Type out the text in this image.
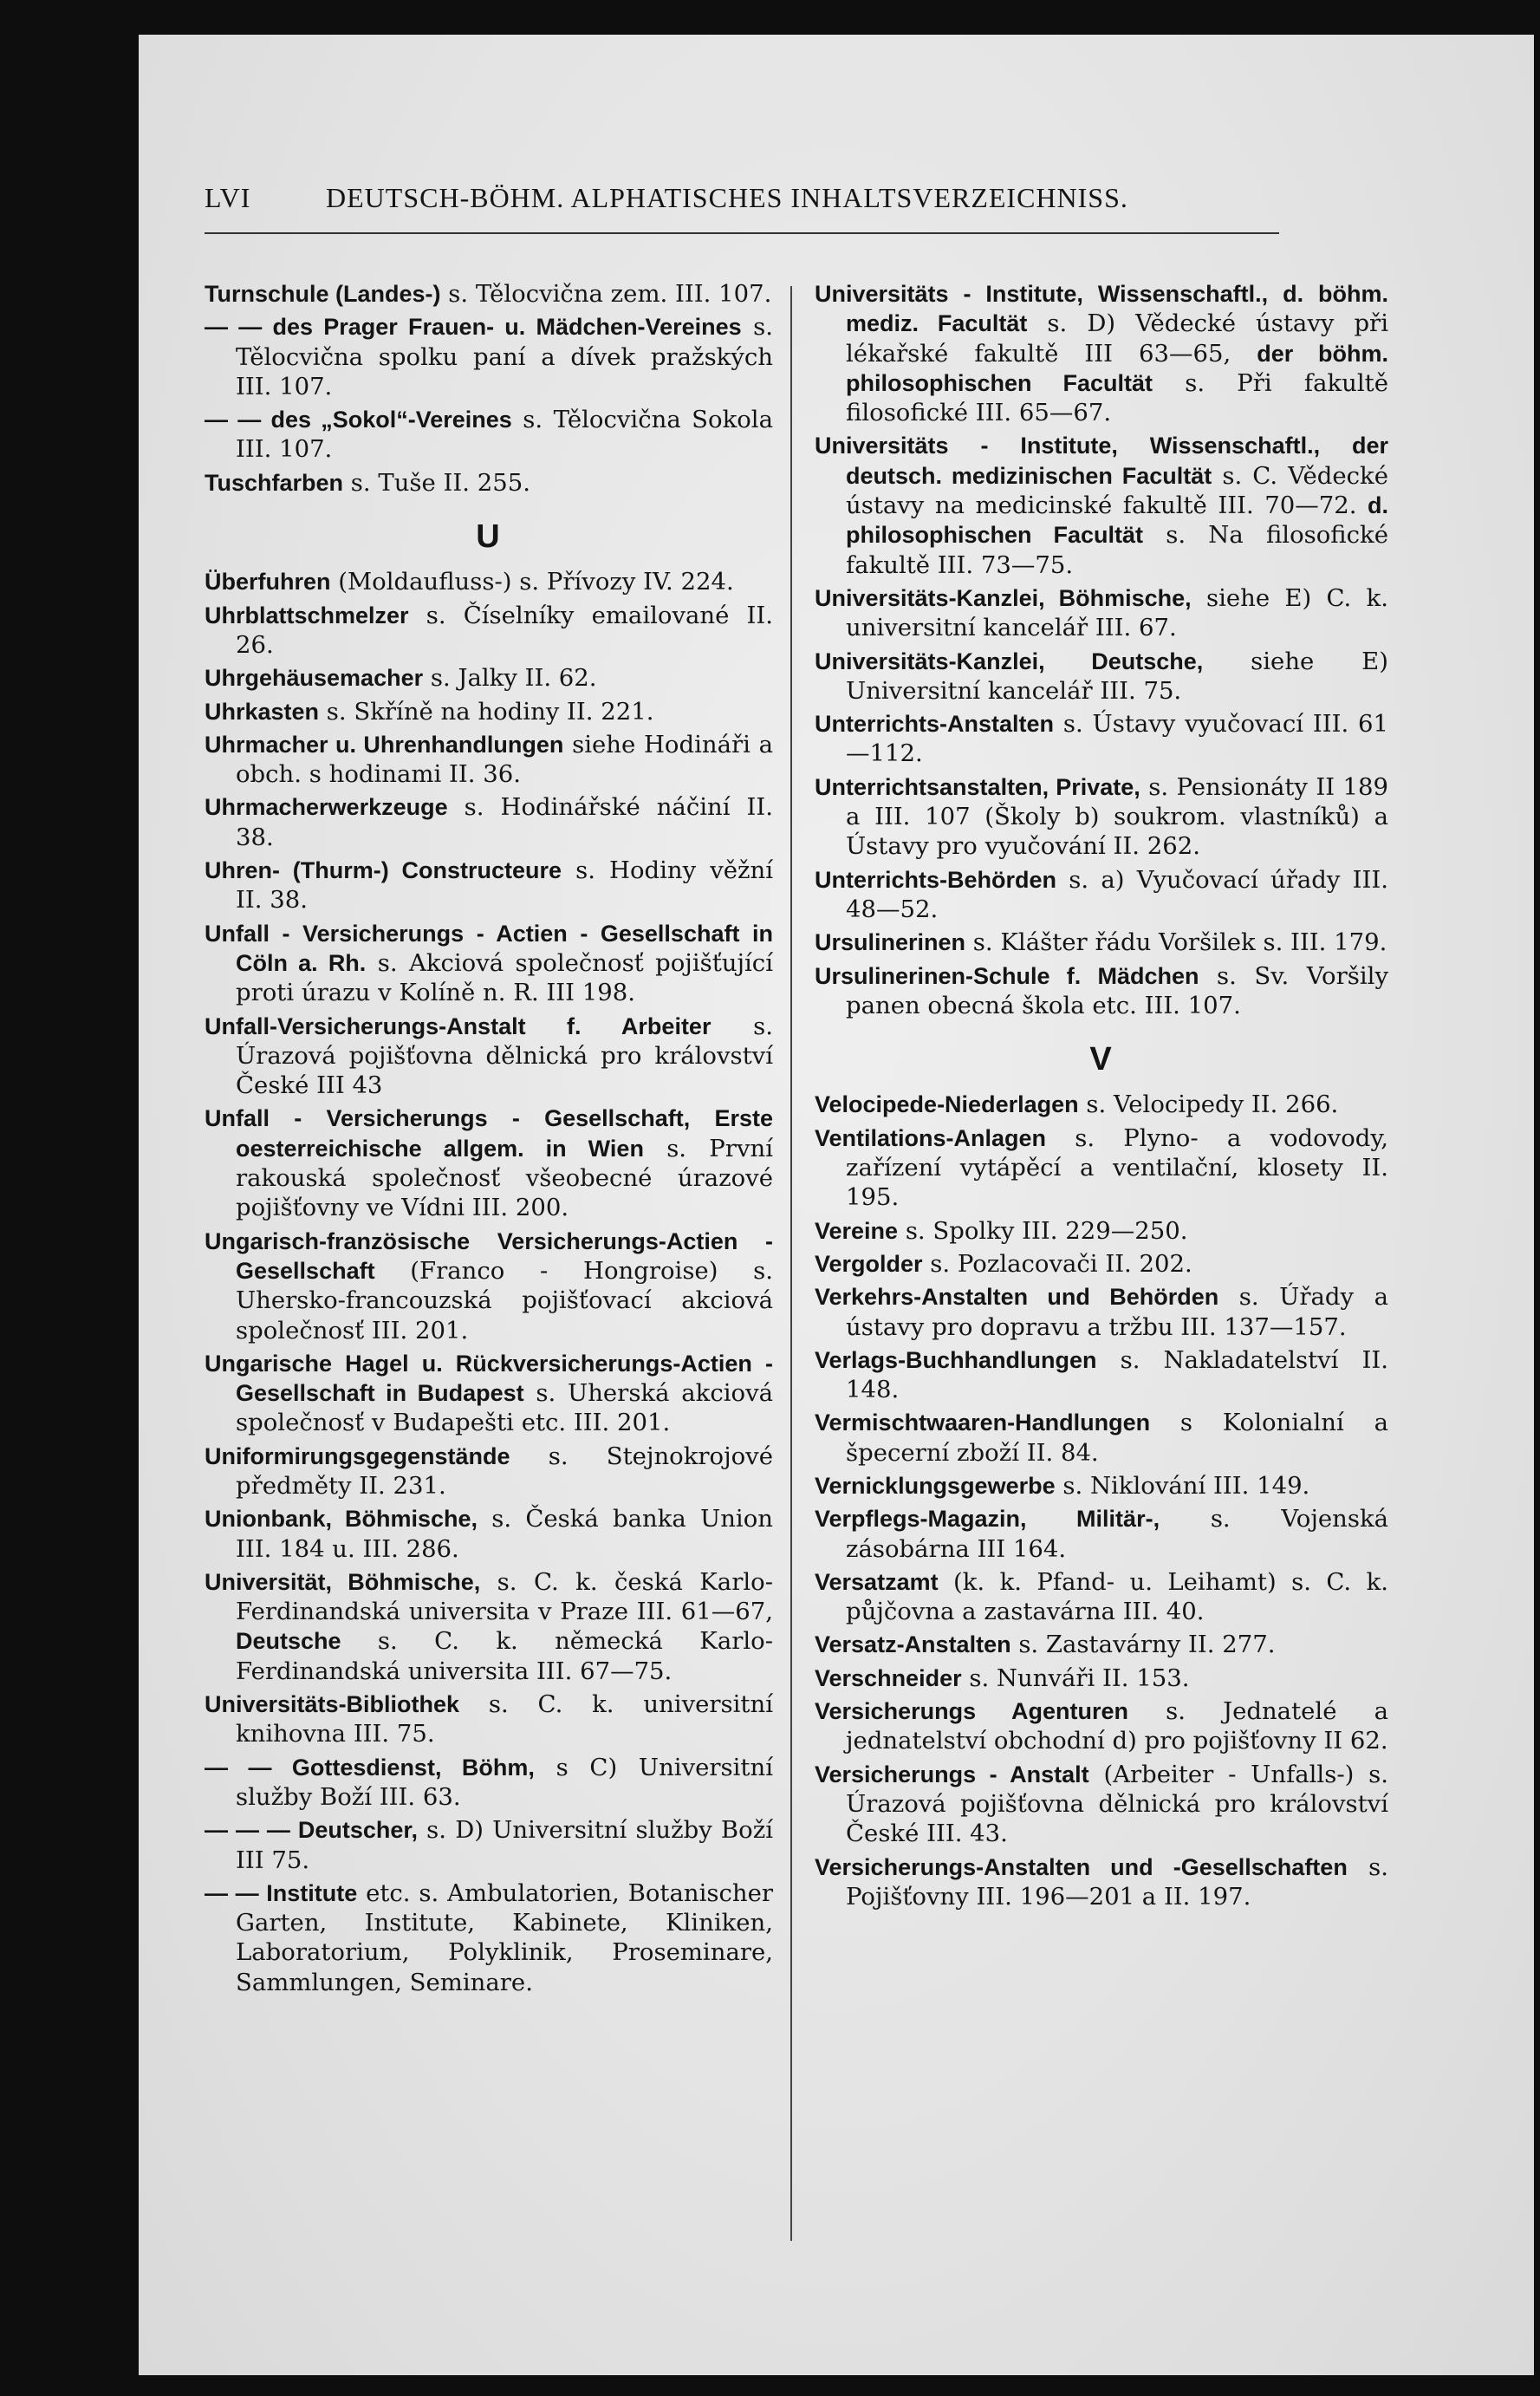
LVI	DEUTSCH-BÖHM. ALPHATISCHES INHALTSVERZEICHNISS.
Turnschule (Landes-) s. Tělocvična zem. III. 107.
— — des Prager Frauen- u. Mädchen-Vereines s. Tělocvična spolku paní a dívek pražských III. 107.
— — des „Sokol“-Vereines s. Tělocvična Sokola III. 107.
Tuschfarben s. Tuše II. 255.
U
Überfuhren (Moldaufluss-) s. Přívozy IV. 224.
Uhrblattschmelzer s. Číselníky emailované II. 26.
Uhrgehäusemacher s. Jalky II. 62.
Uhrkasten s. Skříně na hodiny II. 221.
Uhrmacher u. Uhrenhandlungen siehe Hodináři a obch. s hodinami II. 36.
Uhrmacherwerkzeuge s. Hodinářské náčiní II. 38.
Uhren- (Thurm-) Constructeure s. Hodiny věžní II. 38.
Unfall - Versicherungs - Actien - Gesellschaft in Cöln a. Rh. s. Akciová společnosť pojišťující proti úrazu v Kolíně n. R. III 198.
Unfall-Versicherungs-Anstalt f. Arbeiter s. Úrazová pojišťovna dělnická pro království České III 43
Unfall - Versicherungs - Gesellschaft, Erste oesterreichische allgem. in Wien s. První rakouská společnosť všeobecné úrazové pojišťovny ve Vídni III. 200.
Ungarisch-französische Versicherungs-Actien - Gesellschaft (Franco - Hongroise) s. Uhersko-francouzská pojišťovací akciová společnosť III. 201.
Ungarische Hagel u. Rückversicherungs-Actien - Gesellschaft in Budapest s. Uherská akciová společnosť v Budapešti etc. III. 201.
Uniformirungsgegenstände s. Stejnokrojové předměty II. 231.
Unionbank, Böhmische, s. Česká banka Union III. 184 u. III. 286.
Universität, Böhmische, s. C. k. česká Karlo-Ferdinandská universita v Praze III. 61—67, Deutsche s. C. k. německá Karlo-Ferdinandská universita III. 67—75.
Universitäts-Bibliothek s. C. k. universitní knihovna III. 75.
— — Gottesdienst, Böhm, s C) Universitní služby Boží III. 63.
— — — Deutscher, s. D) Universitní služby Boží III 75.
— — Institute etc. s. Ambulatorien, Botanischer Garten, Institute, Kabinete, Kliniken, Laboratorium, Polyklinik, Proseminare, Sammlungen, Seminare.
Universitäts - Institute, Wissenschaftl., d. böhm. mediz. Facultät s. D) Vědecké ústavy při lékařské fakultě III 63—65, der böhm. philosophischen Facultät s. Při fakultě filosofické III. 65—67.
Universitäts - Institute, Wissenschaftl., der deutsch. medizinischen Facultät s. C. Vědecké ústavy na medicinské fakultě III. 70—72. d. philosophischen Facultät s. Na filosofické fakultě III. 73—75.
Universitäts-Kanzlei, Böhmische, siehe E) C. k. universitní kancelář III. 67.
Universitäts-Kanzlei, Deutsche, siehe E) Universitní kancelář III. 75.
Unterrichts-Anstalten s. Ústavy vyučovací III. 61—112.
Unterrichtsanstalten, Private, s. Pensionáty II 189 a III. 107 (Školy b) soukrom. vlastníků) a Ústavy pro vyučování II. 262.
Unterrichts-Behörden s. a) Vyučovací úřady III. 48—52.
Ursulinerinen s. Klášter řádu Voršilek s. III. 179.
Ursulinerinen-Schule f. Mädchen s. Sv. Voršily panen obecná škola etc. III. 107.
V
Velocipede-Niederlagen s. Velocipedy II. 266.
Ventilations-Anlagen s. Plyno- a vodovody, zařízení vytápěcí a ventilační, klosety II. 195.
Vereine s. Spolky III. 229—250.
Vergolder s. Pozlacovači II. 202.
Verkehrs-Anstalten und Behörden s. Úřady a ústavy pro dopravu a tržbu III. 137—157.
Verlags-Buchhandlungen s. Nakladatelství II. 148.
Vermischtwaaren-Handlungen s Kolonialní a špecerní zboží II. 84.
Vernicklungsgewerbe s. Niklování III. 149.
Verpflegs-Magazin, Militär-, s. Vojenská zásobárna III 164.
Versatzamt (k. k. Pfand- u. Leihamt) s. C. k. půjčovna a zastavárna III. 40.
Versatz-Anstalten s. Zastavárny II. 277.
Verschneider s. Nunváři II. 153.
Versicherungs Agenturen s. Jednatelé a jednatelství obchodní d) pro pojišťovny II 62.
Versicherungs - Anstalt (Arbeiter - Unfalls-) s. Úrazová pojišťovna dělnická pro království České III. 43.
Versicherungs-Anstalten und -Gesellschaften s. Pojišťovny III. 196—201 a II. 197.
